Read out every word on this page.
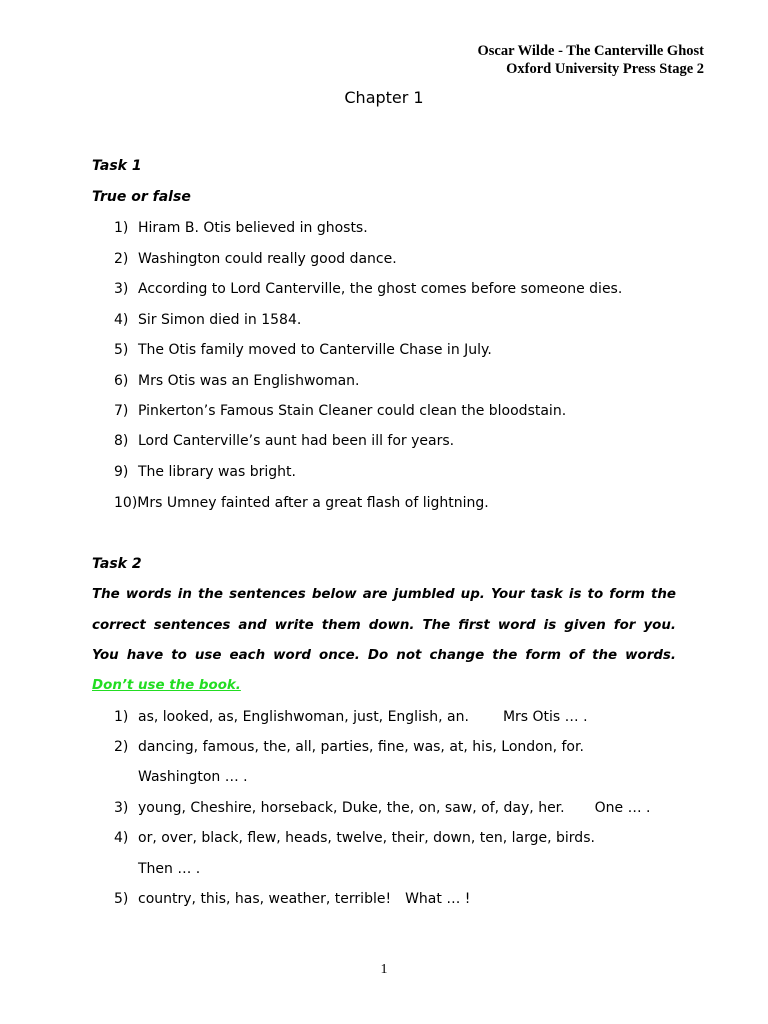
Oscar Wilde - The Canterville Ghost
Oxford University Press Stage 2
Chapter 1
Task 1
True or false
1) Hiram B. Otis believed in ghosts.
2) Washington could really good dance.
3) According to Lord Canterville, the ghost comes before someone dies.
4) Sir Simon died in 1584.
5) The Otis family moved to Canterville Chase in July.
6) Mrs Otis was an Englishwoman.
7) Pinkerton’s Famous Stain Cleaner could clean the bloodstain.
8) Lord Canterville’s aunt had been ill for years.
9) The library was bright.
10)Mrs Umney fainted after a great flash of lightning.
Task 2
The words in the sentences below are jumbled up. Your task is to form the
correct sentences and write them down. The first word is given for you.
You have to use each word once. Do not change the form of the words.
Don’t use the book.
1) as, looked, as, Englishwoman, just, English, an. Mrs Otis … .
2) dancing, famous, the, all, parties, fine, was, at, his, London, for.
Washington … .
3) young, Cheshire, horseback, Duke, the, on, saw, of, day, her. One … .
4) or, over, black, flew, heads, twelve, their, down, ten, large, birds.
Then … .
5) country, this, has, weather, terrible! What … !
1
